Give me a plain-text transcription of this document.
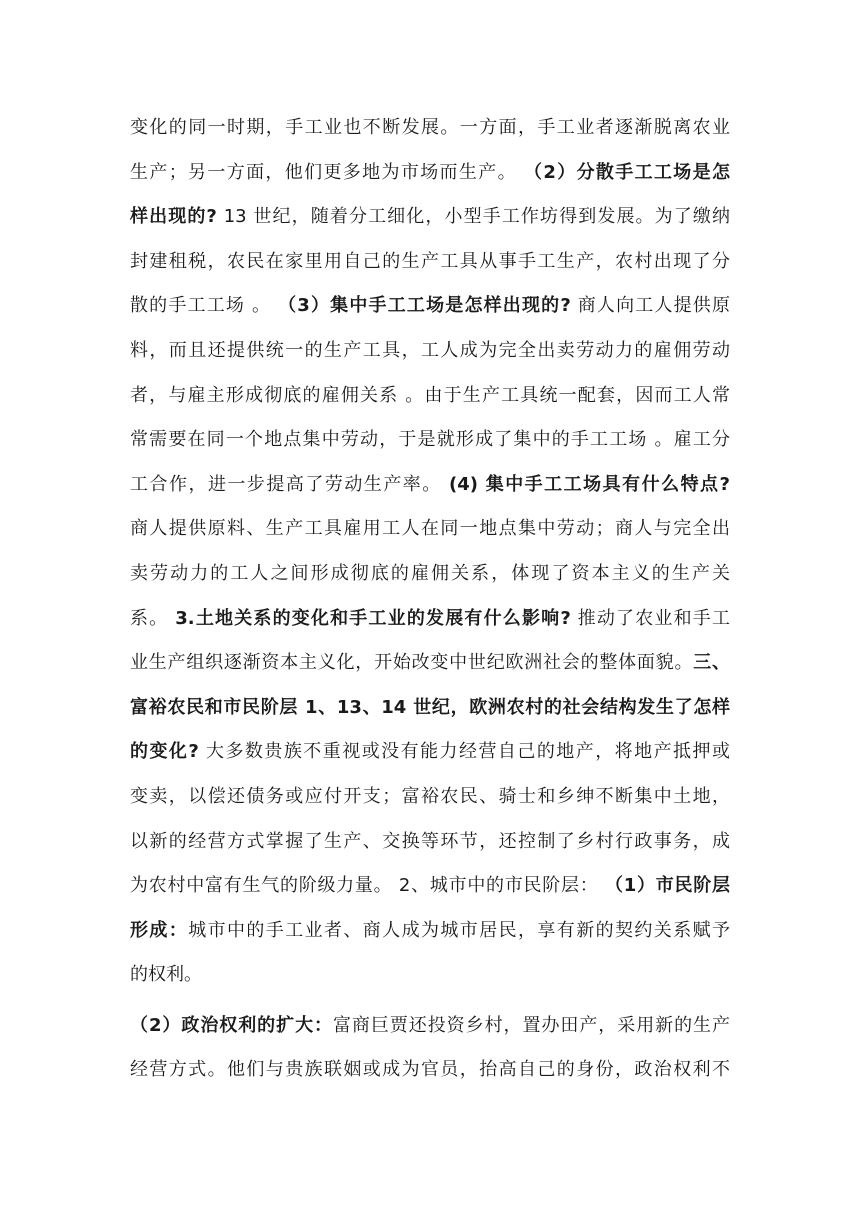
变化的同一时期，手工业也不断发展。一方面，手工业者逐渐脱离农业
生产；另一方面，他们更多地为市场而生产。 （2）分散手工工场是怎
样出现的? 13 世纪，随着分工细化，小型手工作坊得到发展。为了缴纳
封建租税，农民在家里用自己的生产工具从事手工生产，农村出现了分
散的手工工场 。 （3）集中手工工场是怎样出现的? 商人向工人提供原
料，而且还提供统一的生产工具，工人成为完全出卖劳动力的雇佣劳动
者，与雇主形成彻底的雇佣关系 。由于生产工具统一配套，因而工人常
常需要在同一个地点集中劳动，于是就形成了集中的手工工场 。雇工分
工合作，进一步提高了劳动生产率。 (4) 集中手工工场具有什么特点?
商人提供原料、生产工具雇用工人在同一地点集中劳动；商人与完全出
卖劳动力的工人之间形成彻底的雇佣关系，体现了资本主义的生产关
系。 3.土地关系的变化和手工业的发展有什么影响? 推动了农业和手工
业生产组织逐渐资本主义化，开始改变中世纪欧洲社会的整体面貌。三、
富裕农民和市民阶层 1、13、14 世纪，欧洲农村的社会结构发生了怎样
的变化? 大多数贵族不重视或没有能力经营自己的地产，将地产抵押或
变卖，以偿还债务或应付开支；富裕农民、骑士和乡绅不断集中土地，
以新的经营方式掌握了生产、交换等环节，还控制了乡村行政事务，成
为农村中富有生气的阶级力量。 2、城市中的市民阶层： （1）市民阶层
形成：城市中的手工业者、商人成为城市居民，享有新的契约关系赋予
的权利。
（2）政治权利的扩大：富商巨贾还投资乡村，置办田产，采用新的生产
经营方式。他们与贵族联姻或成为官员，抬高自己的身份，政治权利不
